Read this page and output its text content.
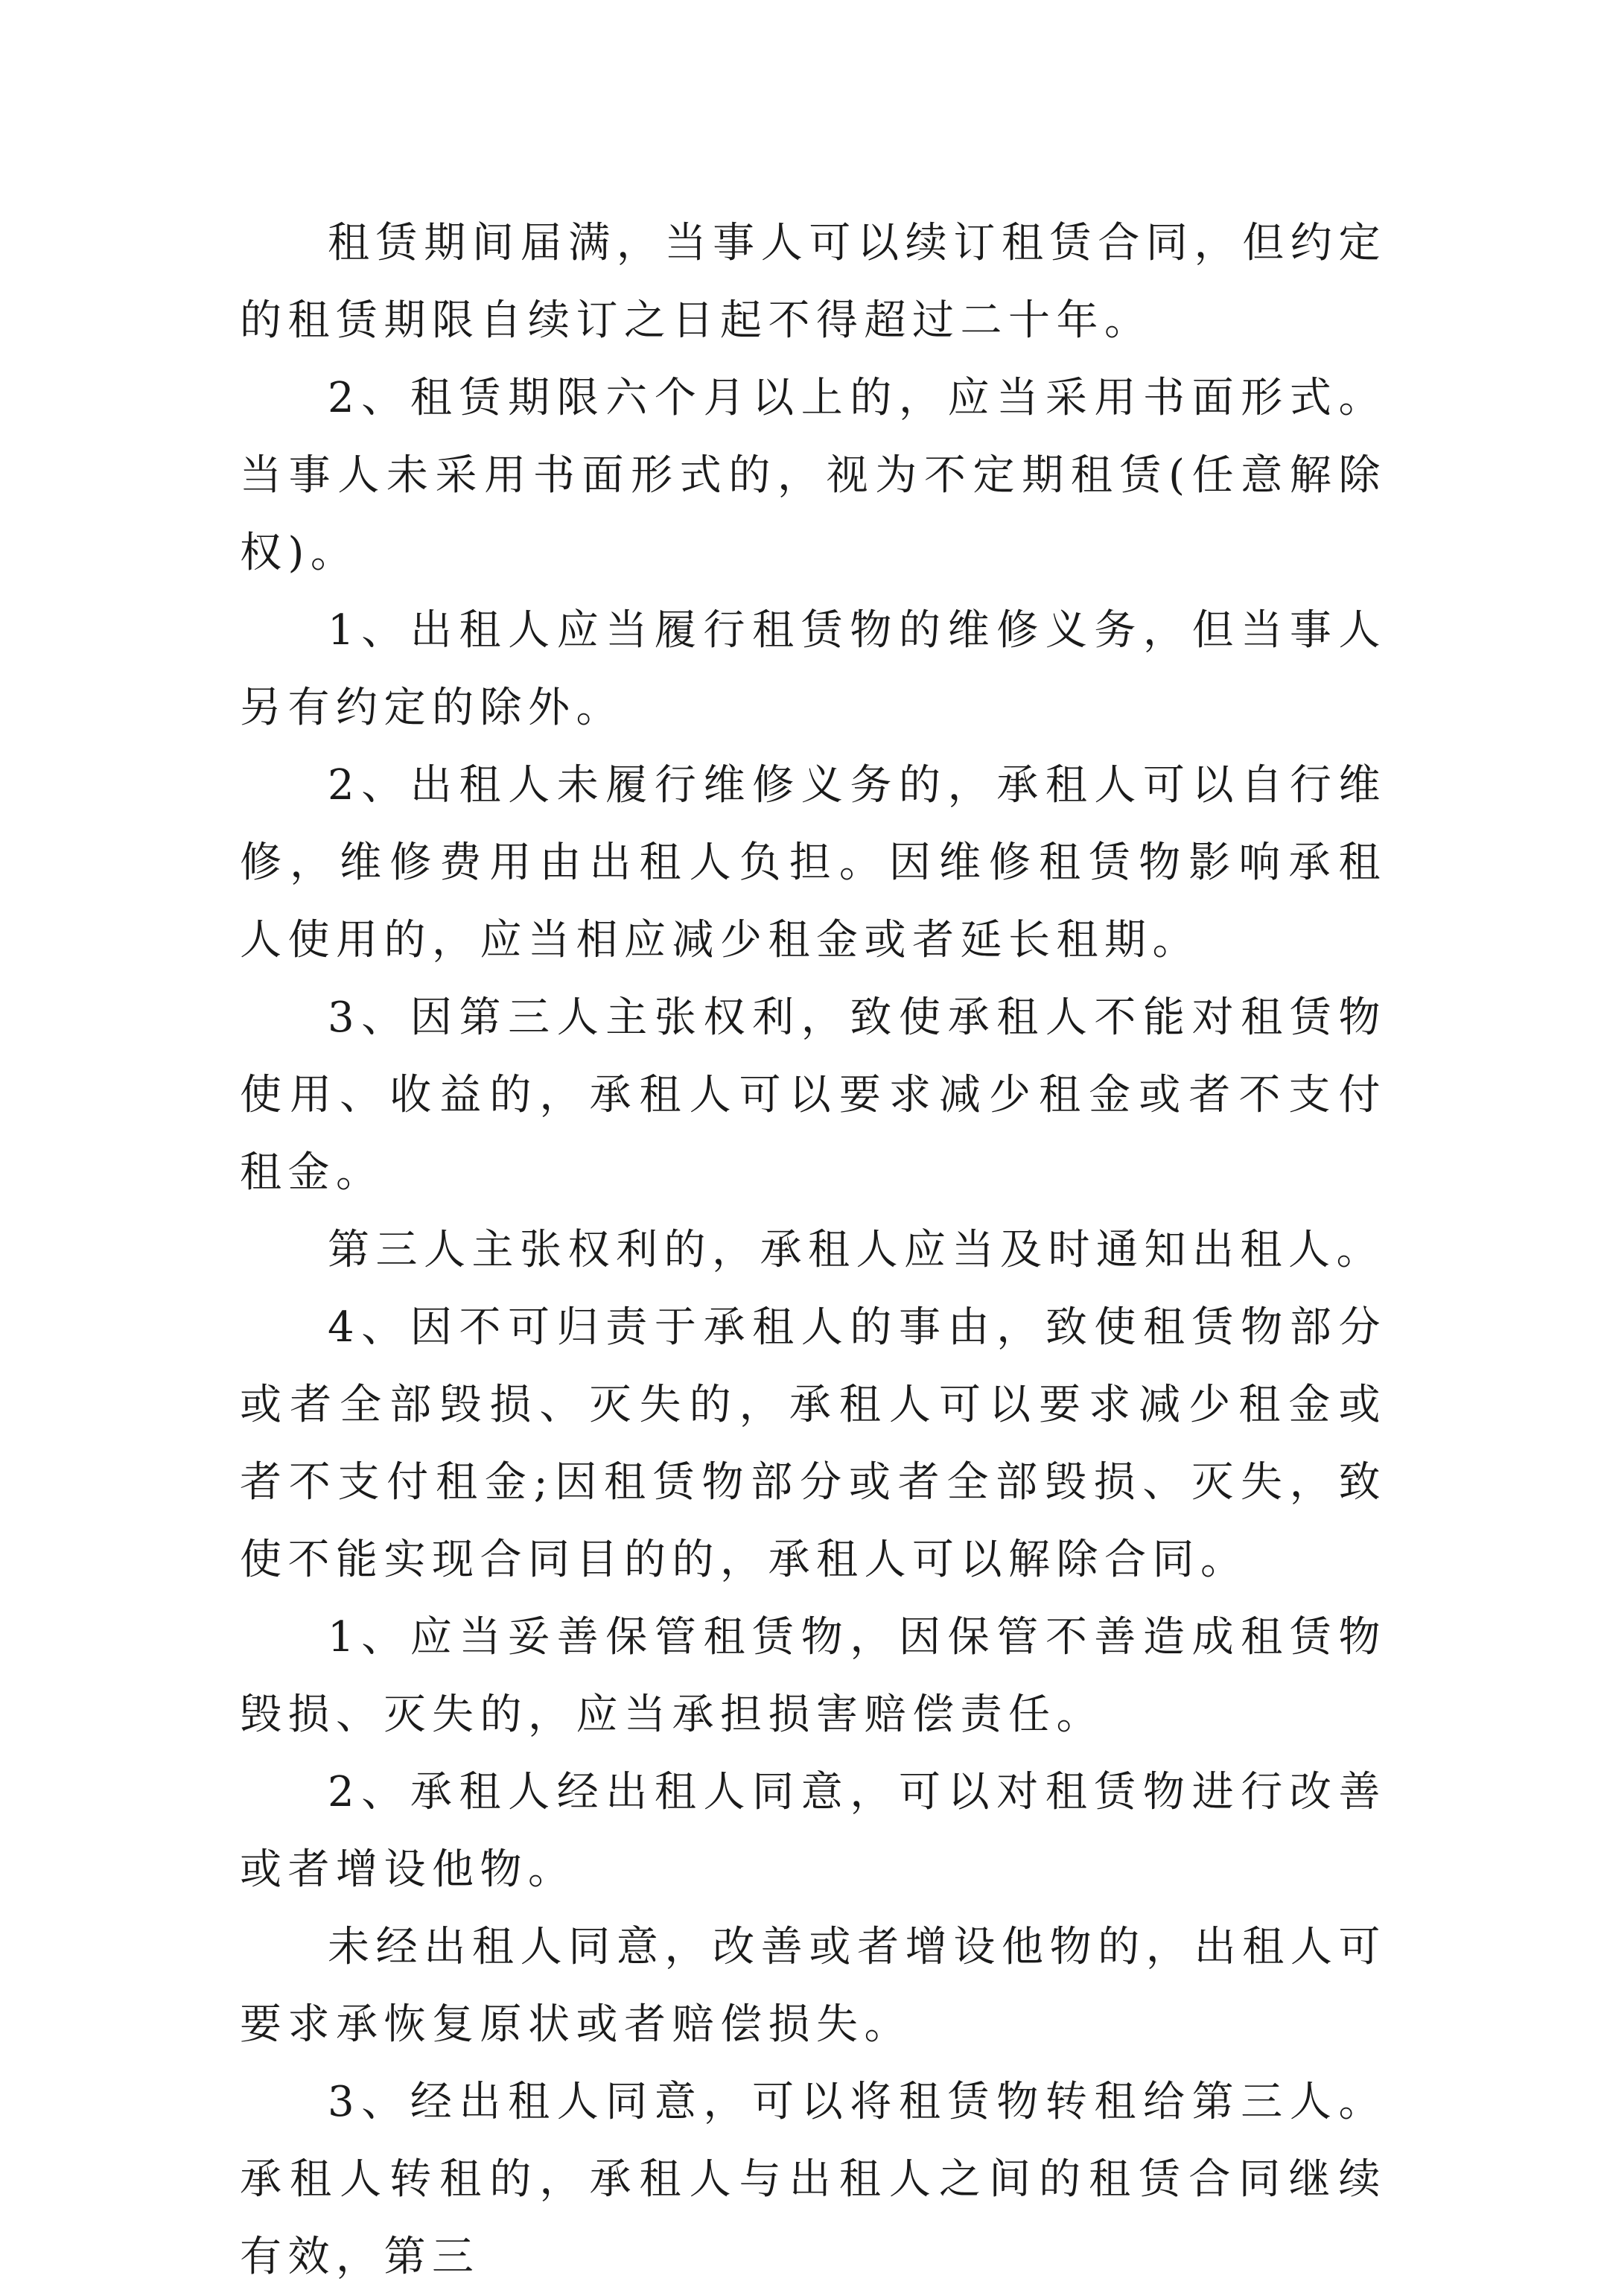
租赁期间届满，当事人可以续订租赁合同，但约定的租赁期限自续订之日起不得超过二十年。

2、租赁期限六个月以上的，应当采用书面形式。当事人未采用书面形式的，视为不定期租赁(任意解除权)。

1、出租人应当履行租赁物的维修义务，但当事人另有约定的除外。

2、出租人未履行维修义务的，承租人可以自行维修，维修费用由出租人负担。因维修租赁物影响承租人使用的，应当相应减少租金或者延长租期。

3、因第三人主张权利，致使承租人不能对租赁物使用、收益的，承租人可以要求减少租金或者不支付租金。

第三人主张权利的，承租人应当及时通知出租人。

4、因不可归责于承租人的事由，致使租赁物部分或者全部毁损、灭失的，承租人可以要求减少租金或者不支付租金;因租赁物部分或者全部毁损、灭失，致使不能实现合同目的的，承租人可以解除合同。

1、应当妥善保管租赁物，因保管不善造成租赁物毁损、灭失的，应当承担损害赔偿责任。

2、承租人经出租人同意，可以对租赁物进行改善或者增设他物。

未经出租人同意，改善或者增设他物的，出租人可要求承恢复原状或者赔偿损失。

3、经出租人同意，可以将租赁物转租给第三人。承租人转租的，承租人与出租人之间的租赁合同继续有效，第三
